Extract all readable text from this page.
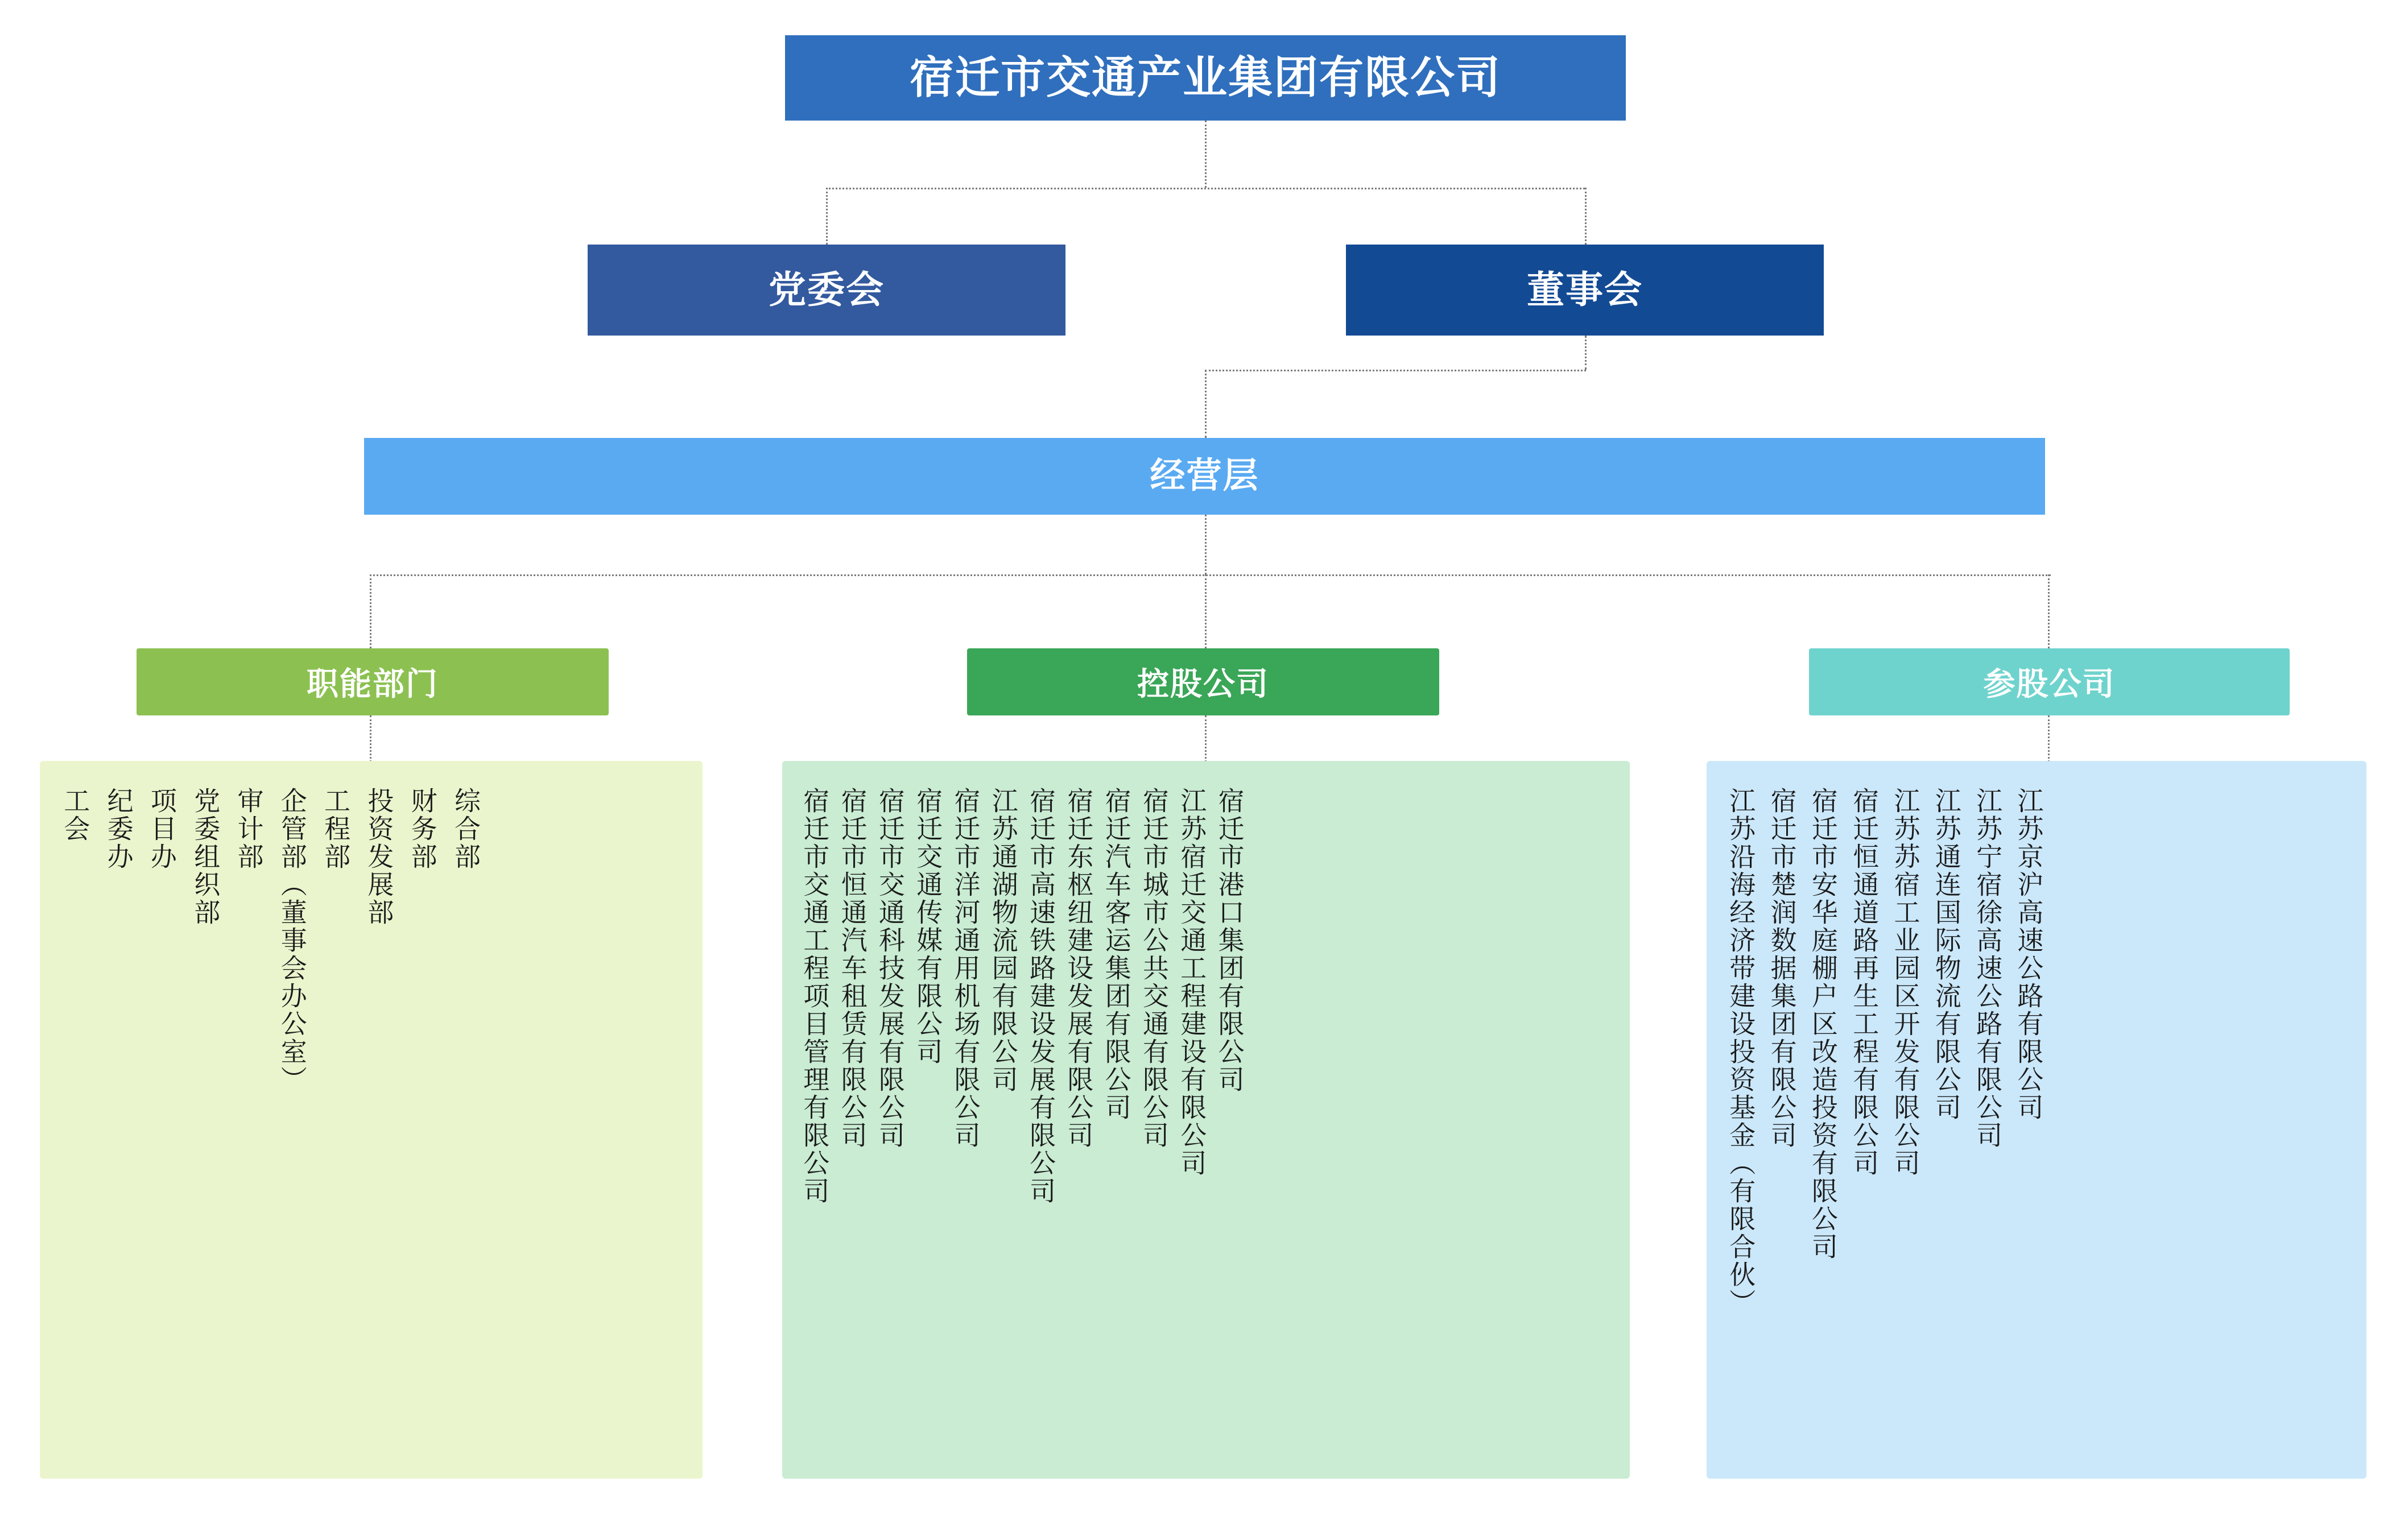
宿迁市交通产业集团有限公司
党委会	董事会
经营层
职能部门	控股公司	参股公司
综合部
财务部
投资发展部
工程部
企管部（董事会办公室）
审计部
党委组织部
项目办
纪委办
工会	宿迁市港口集团有限公司
江苏宿迁交通工程建设有限公司
宿迁市城市公共交通有限公司
宿迁汽车客运集团有限公司
宿迁东枢纽建设发展有限公司
宿迁市高速铁路建设发展有限公司
江苏通湖物流园有限公司
宿迁市洋河通用机场有限公司
宿迁交通传媒有限公司
宿迁市交通科技发展有限公司
宿迁市恒通汽车租赁有限公司
宿迁市交通工程项目管理有限公司	江苏京沪高速公路有限公司
江苏宁宿徐高速公路有限公司
江苏通连国际物流有限公司
江苏苏宿工业园区开发有限公司
宿迁恒通道路再生工程有限公司
宿迁市安华庭棚户区改造投资有限公司
宿迁市楚润数据集团有限公司
江苏沿海经济带建设投资基金（有限合伙）
